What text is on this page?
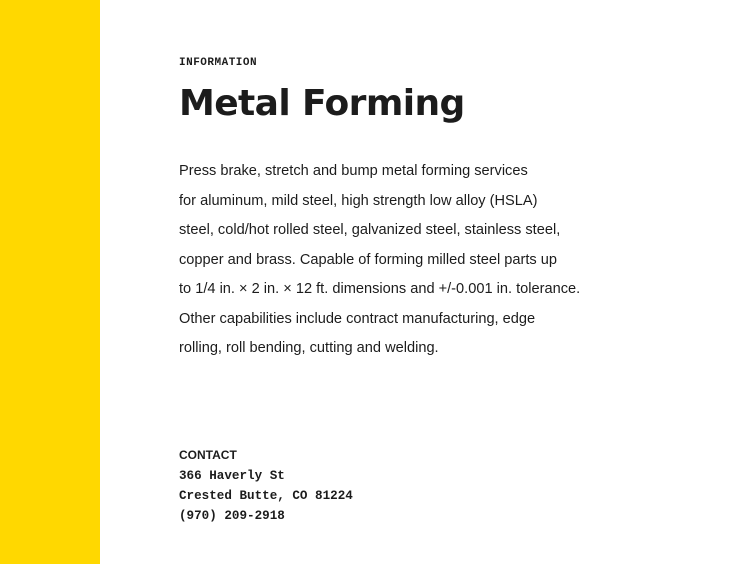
INFORMATION
Metal Forming
Press brake, stretch and bump metal forming services
for aluminum, mild steel, high strength low alloy (HSLA)
steel, cold/hot rolled steel, galvanized steel, stainless steel,
copper and brass. Capable of forming milled steel parts up
to 1/4 in. × 2 in. × 12 ft. dimensions and +/-0.001 in. tolerance.
Other capabilities include contract manufacturing, edge
rolling, roll bending, cutting and welding.
CONTACT
366 Haverly St
Crested Butte, CO 81224
(970) 209-2918
